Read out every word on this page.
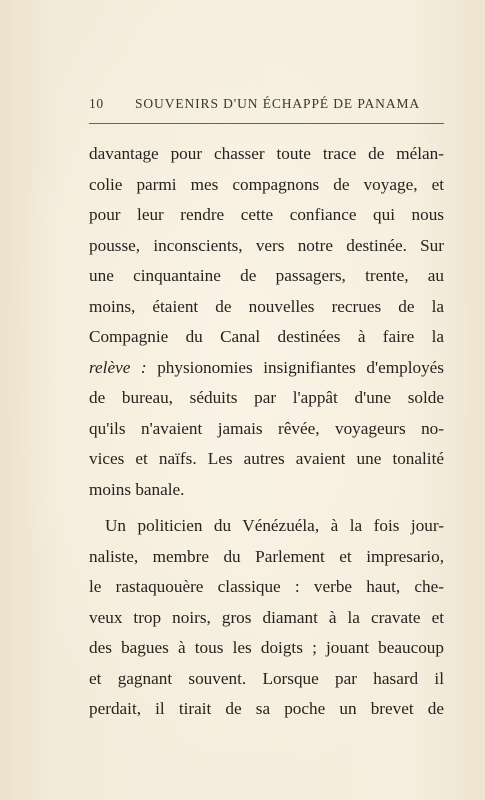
10 SOUVENIRS D'UN ÉCHAPPÉ DE PANAMA
davantage pour chasser toute trace de mélan-
colie parmi mes compagnons de voyage, et
pour leur rendre cette confiance qui nous
pousse, inconscients, vers notre destinée. Sur
une cinquantaine de passagers, trente, au
moins, étaient de nouvelles recrues de la
Compagnie du Canal destinées à faire la
relève : physionomies insignifiantes d'employés
de bureau, séduits par l'appât d'une solde
qu'ils n'avaient jamais rêvée, voyageurs no-
vices et naïfs. Les autres avaient une tonalité
moins banale.
Un politicien du Vénézuéla, à la fois jour-
naliste, membre du Parlement et impresario,
le rastaquouère classique : verbe haut, che-
veux trop noirs, gros diamant à la cravate et
des bagues à tous les doigts ; jouant beaucoup
et gagnant souvent. Lorsque par hasard il
perdait, il tirait de sa poche un brevet de
